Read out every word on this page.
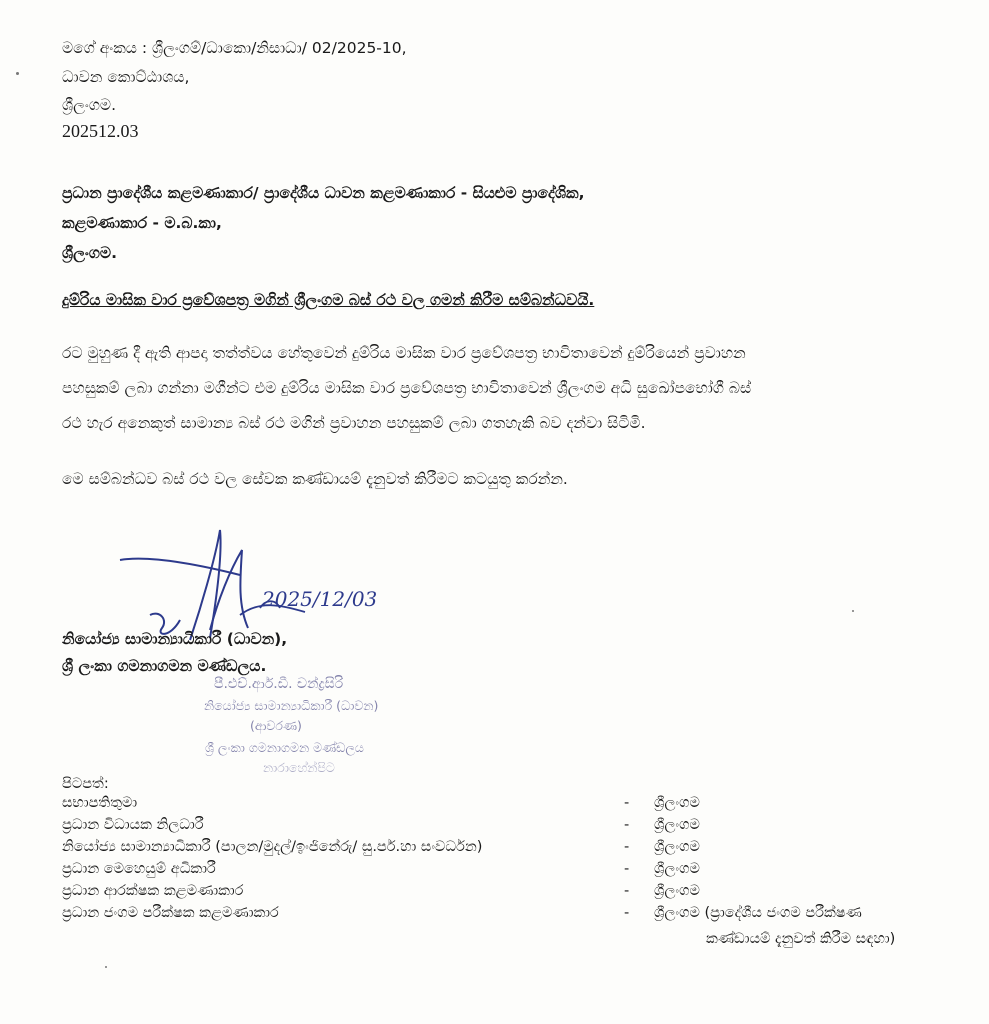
මගේ අංකය : ශ්‍රීලංගම්/ධාකො/නිසාධා/ 02/2025-10,
ධාවන කොට්ඨාශය,
ශ්‍රීලංගම.
202512.03
ප්‍රධාන ප්‍රාදේශීය කළමණාකාර/ ප්‍රාදේශීය ධාවන කළමණාකාර - සියළුම ප්‍රාදේශික,
කළමණාකාර - ම.බ.කා,
ශ්‍රීලංගම.
දුම්රිය මාසික වාර ප්‍රවේශපත්‍ර මගින් ශ්‍රීලංගම බස් රථ වල ගමන් කිරීම සම්බන්ධවයි.
රට මුහුණ දී ඇති ආපදා තත්ත්වය හේතුවෙන් දුම්රිය මාසික වාර ප්‍රවේශපත්‍ර භාවිතාවෙන් දුම්රියෙන් ප්‍රවාහන
පහසුකම් ලබා ගන්නා මගීන්ට එම දුම්රිය මාසික වාර ප්‍රවේශපත්‍ර භාවිතාවෙන් ශ්‍රීලංගම අධි සුඛෝපභෝගී බස්
රථ හැර අනෙකුත් සාමාන්‍ය බස් රථ මගින් ප්‍රවාහන පහසුකම් ලබා ගතහැකි බව දන්වා සිටිමි.
මෙ සම්බන්ධව බස් රථ වල සේවක කණ්ඩායම් දැනුවත් කිරීමට කටයුතු කරන්න.
2025/12/03
නියෝජ්‍ය සාමාන්‍යාධිකාරී (ධාවන),
ශ්‍රී ලංකා ගමනාගමන මණ්ඩලය.
පී.එච්.ආර්.ඩී. චන්ද්‍රසිරි
නියෝජ්‍ය සාමාන්‍යාධිකාරී (ධාවන)
(ආවරණ)
ශ්‍රී ලංකා ගමනාගමන මණ්ඩලය
නාරාහේන්පිට
පිටපත්:
සභාපතිතුමා	- ශ්‍රීලංගම
ප්‍රධාන විධායක නිලධාරී	- ශ්‍රීලංගම
නියෝජ්‍ය සාමාන්‍යාධිකාරී (පාලන/මුදල්/ඉංජිනේරු/ සු.පර්.හා සංවර්ධන)	- ශ්‍රීලංගම
ප්‍රධාන මෙහෙයුම් අධිකාරී	- ශ්‍රීලංගම
ප්‍රධාන ආරක්ෂක කළමණාකාර	- ශ්‍රීලංගම
ප්‍රධාන ජංගම පරීක්ෂක කළමණාකාර	- ශ්‍රීලංගම (ප්‍රාදේශීය ජංගම පරීක්ෂණ
කණ්ඩායම් දැනුවත් කිරීම සඳහා)
